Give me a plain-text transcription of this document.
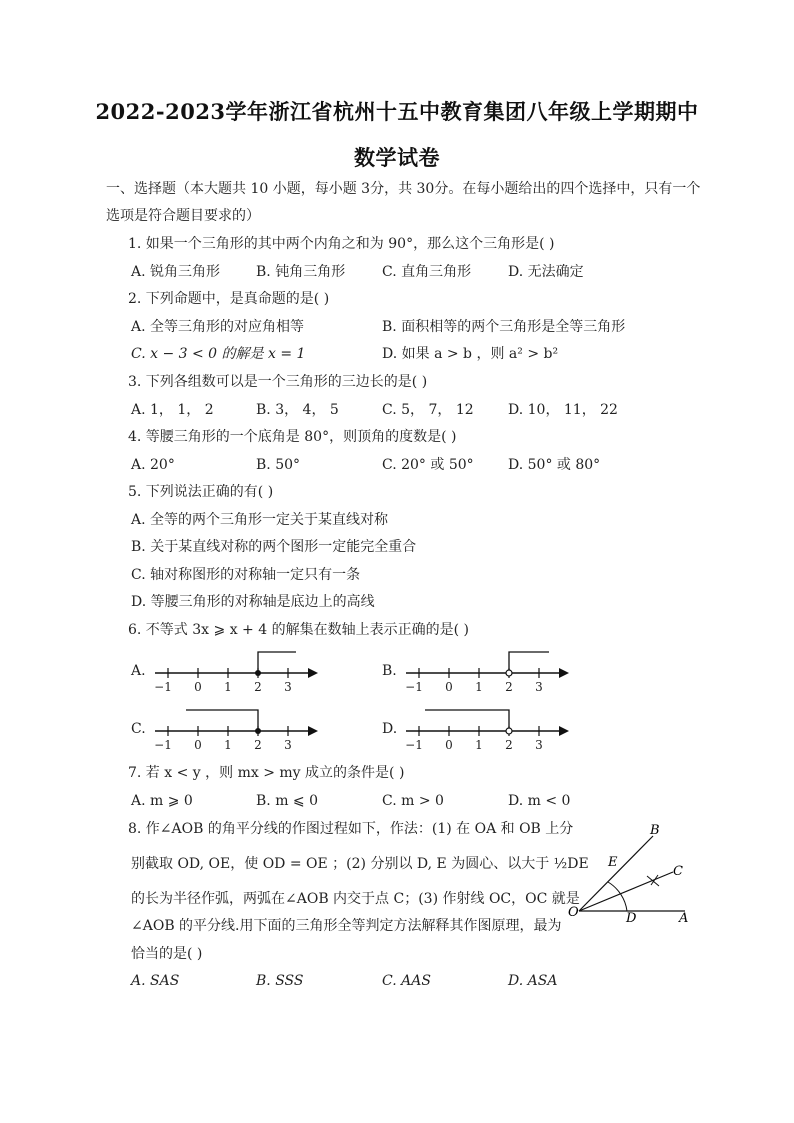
2022-2023学年浙江省杭州十五中教育集团八年级上学期期中
数学试卷
一、选择题（本大题共 10 小题，每小题 3分，共 30分。在每小题给出的四个选择中，只有一个
选项是符合题目要求的）
1. 如果一个三角形的其中两个内角之和为 90°，那么这个三角形是( )
A. 锐角三角形	B. 钝角三角形	C. 直角三角形	D. 无法确定
2. 下列命题中，是真命题的是( )
A. 全等三角形的对应角相等	B. 面积相等的两个三角形是全等三角形
C. x − 3 < 0 的解是 x = 1	D. 如果 a > b ，则 a² > b²
3. 下列各组数可以是一个三角形的三边长的是( )
A. 1， 1， 2	B. 3， 4， 5	C. 5， 7， 12 D. 10， 11， 22
4. 等腰三角形的一个底角是 80°，则顶角的度数是( )
A. 20°	B. 50°	C. 20° 或 50° D. 50° 或 80°
5. 下列说法正确的有( )
A. 全等的两个三角形一定关于某直线对称
B. 关于某直线对称的两个图形一定能完全重合
C. 轴对称图形的对称轴一定只有一条
D. 等腰三角形的对称轴是底边上的高线
6. 不等式 3x ⩾ x + 4 的解集在数轴上表示正确的是( )
A.
−1	0	1	2	3
B.
−1	0	1	2	3
C.
−1	0	1	2	3
D.
−1	0	1	2	3
7. 若 x < y ，则 mx > my 成立的条件是( )
A. m ⩾ 0	B. m ⩽ 0	C. m > 0	D. m < 0
8. 作∠AOB 的角平分线的作图过程如下，作法：(1) 在 OA 和 OB 上分
别截取 OD, OE，使 OD = OE ；(2) 分别以 D, E 为圆心、以大于 ½DE
的长为半径作弧，两弧在∠AOB 内交于点 C；(3) 作射线 OC，OC 就是
∠AOB 的平分线.用下面的三角形全等判定方法解释其作图原理，最为
恰当的是( )
A. SAS	B. SSS	C. AAS	D. ASA
B
E
C
O	D	A
